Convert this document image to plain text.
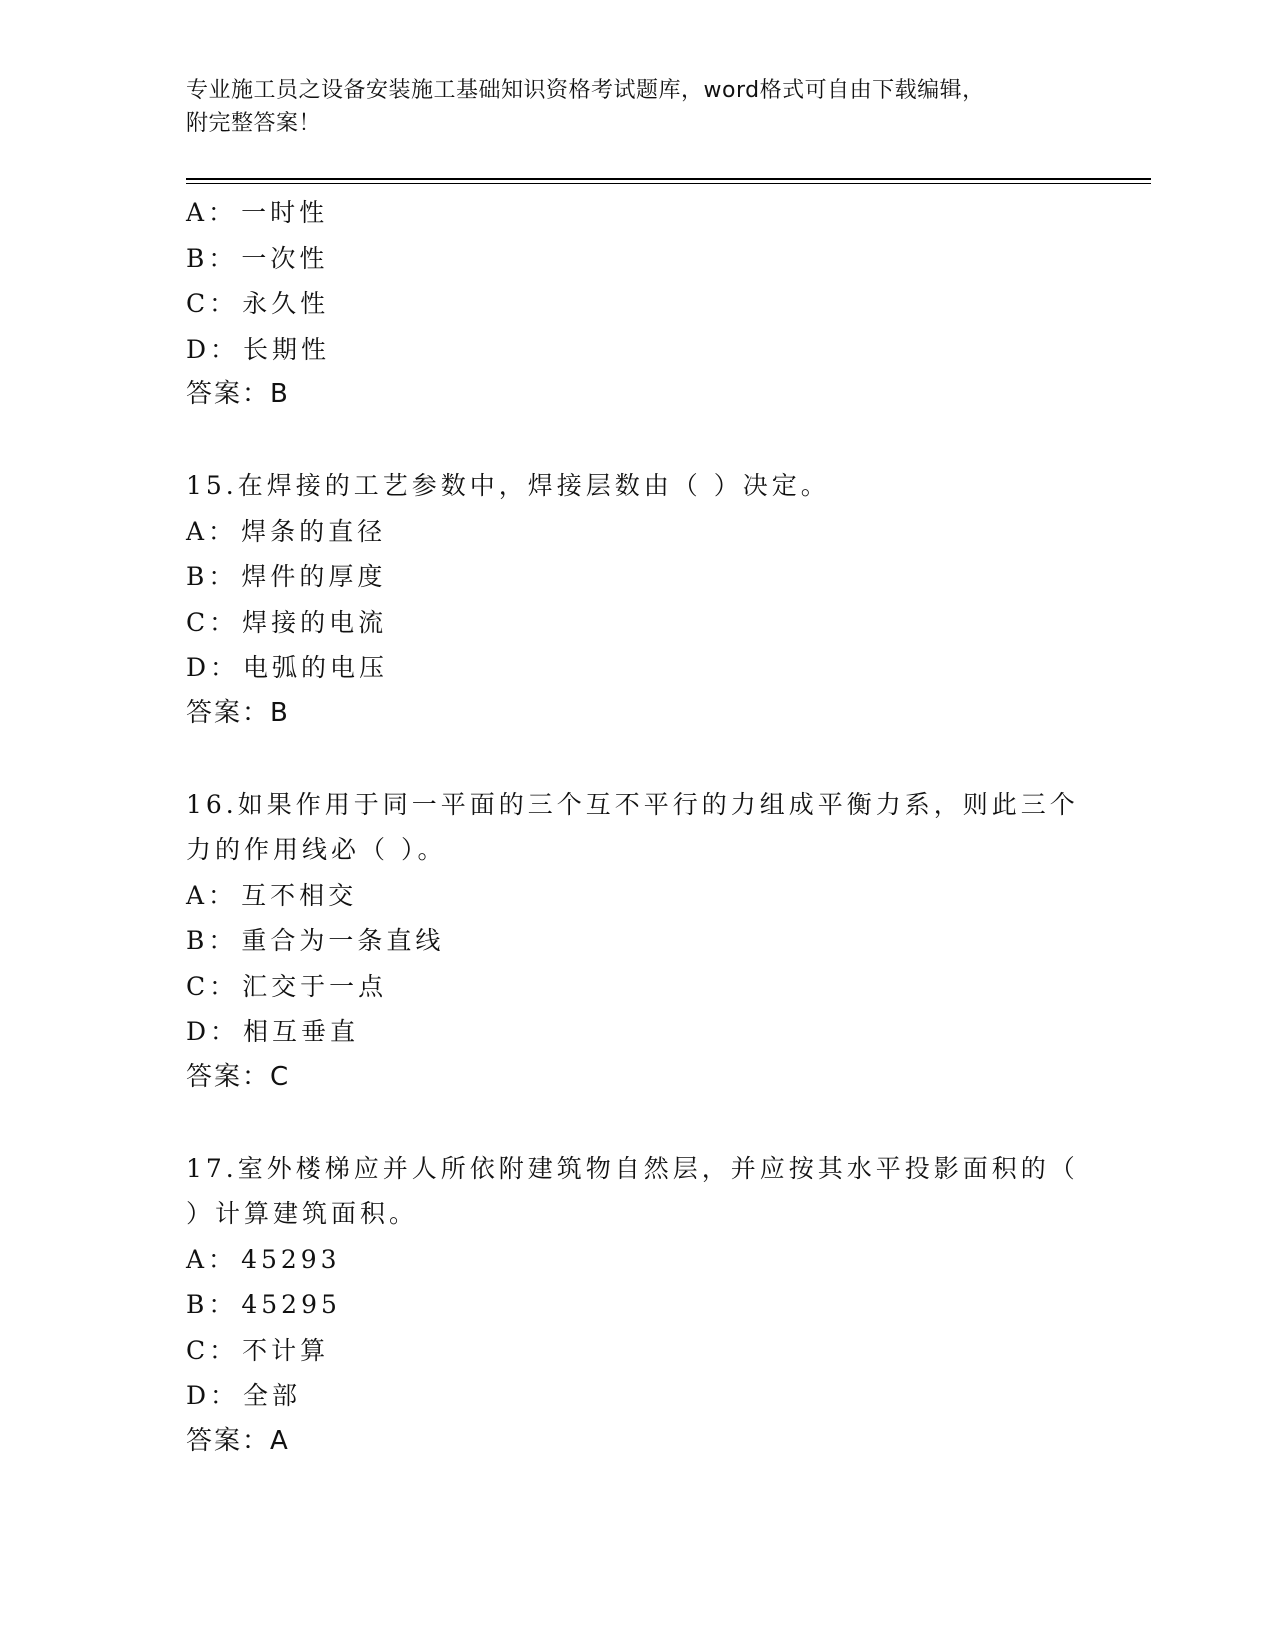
专业施工员之设备安装施工基础知识资格考试题库，word格式可自由下载编辑，
附完整答案！
A： 一时性
B： 一次性
C： 永久性
D： 长期性
答案：B
15.在焊接的工艺参数中，焊接层数由（ ）决定。
A： 焊条的直径
B： 焊件的厚度
C： 焊接的电流
D： 电弧的电压
答案：B
16.如果作用于同一平面的三个互不平行的力组成平衡力系，则此三个
力的作用线必（ ）。
A： 互不相交
B： 重合为一条直线
C： 汇交于一点
D： 相互垂直
答案：C
17.室外楼梯应并人所依附建筑物自然层，并应按其水平投影面积的（
）计算建筑面积。
A： 45293
B： 45295
C： 不计算
D： 全部
答案：A
